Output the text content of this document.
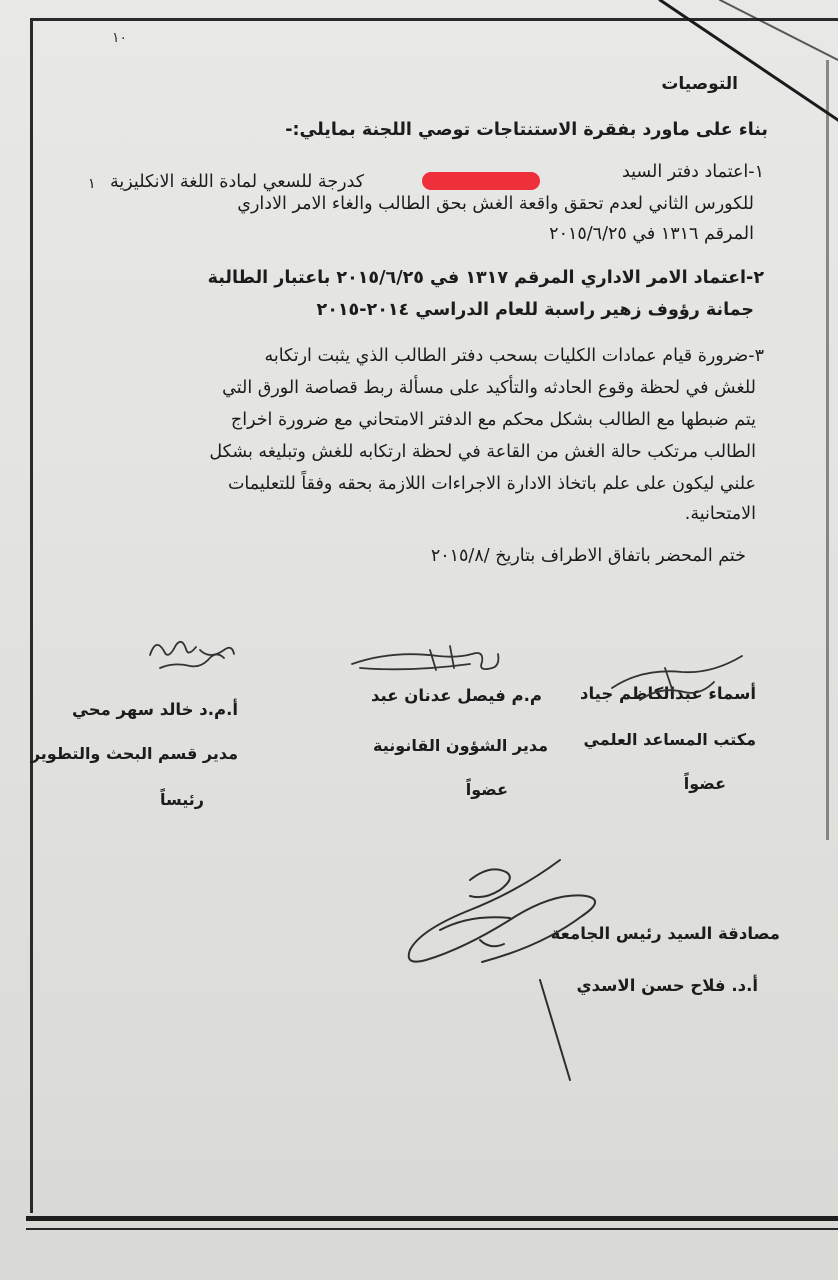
١٠
التوصيات
بناء على ماورد بفقرة الاستنتاجات توصي اللجنة بمايلي:-
١-اعتماد دفتر السيد
كدرجة للسعي لمادة اللغة الانكليزية
١
للكورس الثاني لعدم تحقق واقعة الغش بحق الطالب والغاء الامر الاداري
المرقم ١٣١٦ في ٢٠١٥/٦/٢٥
٢-اعتماد الامر الاداري المرقم ١٣١٧ في ٢٠١٥/٦/٢٥ باعتبار الطالبة
جمانة رؤوف زهير راسبة للعام الدراسي ٢٠١٤-٢٠١٥
٣-ضرورة قيام عمادات الكليات بسحب دفتر الطالب الذي يثبت ارتكابه
للغش في لحظة وقوع الحادثه والتأكيد على مسألة ربط قصاصة الورق التي
يتم ضبطها مع الطالب بشكل محكم مع الدفتر الامتحاني مع ضرورة اخراج
الطالب مرتكب حالة الغش من القاعة في لحظة ارتكابه للغش وتبليغه بشكل
علني ليكون على علم باتخاذ الادارة الاجراءات اللازمة بحقه وفقاً للتعليمات
الامتحانية.
ختم المحضر باتفاق الاطراف بتاريخ /٢٠١٥/٨
أسماء عبدالكاظم جياد
مكتب المساعد العلمي
عضواً
م.م فيصل عدنان عبد
مدير الشؤون القانونية
عضواً
أ.م.د خالد سهر محي
مدير قسم البحث والتطوير
رئيساً
مصادقة السيد رئيس الجامعة
أ.د. فلاح حسن الاسدي
